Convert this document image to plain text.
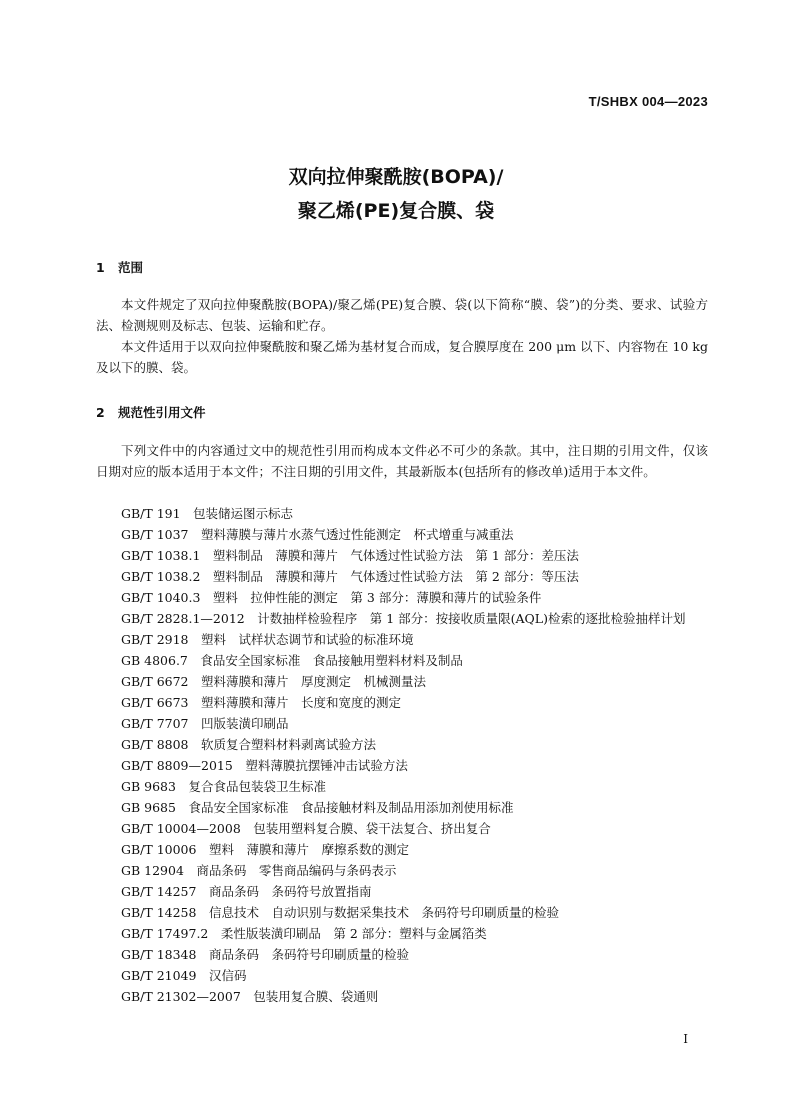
T/SHBX 004—2023
双向拉伸聚酰胺(BOPA)/
聚乙烯(PE)复合膜、袋
1 范围
本文件规定了双向拉伸聚酰胺(BOPA)/聚乙烯(PE)复合膜、袋(以下简称“膜、袋”)的分类、要求、试验方法、检测规则及标志、包装、运输和贮存。
本文件适用于以双向拉伸聚酰胺和聚乙烯为基材复合而成，复合膜厚度在 200 μm 以下、内容物在 10 kg 及以下的膜、袋。
2 规范性引用文件
下列文件中的内容通过文中的规范性引用而构成本文件必不可少的条款。其中，注日期的引用文件，仅该日期对应的版本适用于本文件；不注日期的引用文件，其最新版本(包括所有的修改单)适用于本文件。
GB/T 191　包装储运图示标志
GB/T 1037　塑料薄膜与薄片水蒸气透过性能测定　杯式增重与减重法
GB/T 1038.1　塑料制品　薄膜和薄片　气体透过性试验方法　第 1 部分：差压法
GB/T 1038.2　塑料制品　薄膜和薄片　气体透过性试验方法　第 2 部分：等压法
GB/T 1040.3　塑料　拉伸性能的测定　第 3 部分：薄膜和薄片的试验条件
GB/T 2828.1—2012　计数抽样检验程序　第 1 部分：按接收质量限(AQL)检索的逐批检验抽样计划
GB/T 2918　塑料　试样状态调节和试验的标准环境
GB 4806.7　食品安全国家标准　食品接触用塑料材料及制品
GB/T 6672　塑料薄膜和薄片　厚度测定　机械测量法
GB/T 6673　塑料薄膜和薄片　长度和宽度的测定
GB/T 7707　凹版装潢印刷品
GB/T 8808　软质复合塑料材料剥离试验方法
GB/T 8809—2015　塑料薄膜抗摆锤冲击试验方法
GB 9683　复合食品包装袋卫生标准
GB 9685　食品安全国家标准　食品接触材料及制品用添加剂使用标准
GB/T 10004—2008　包装用塑料复合膜、袋干法复合、挤出复合
GB/T 10006　塑料　薄膜和薄片　摩擦系数的测定
GB 12904　商品条码　零售商品编码与条码表示
GB/T 14257　商品条码　条码符号放置指南
GB/T 14258　信息技术　自动识别与数据采集技术　条码符号印刷质量的检验
GB/T 17497.2　柔性版装潢印刷品　第 2 部分：塑料与金属箔类
GB/T 18348　商品条码　条码符号印刷质量的检验
GB/T 21049　汉信码
GB/T 21302—2007　包装用复合膜、袋通则
I
